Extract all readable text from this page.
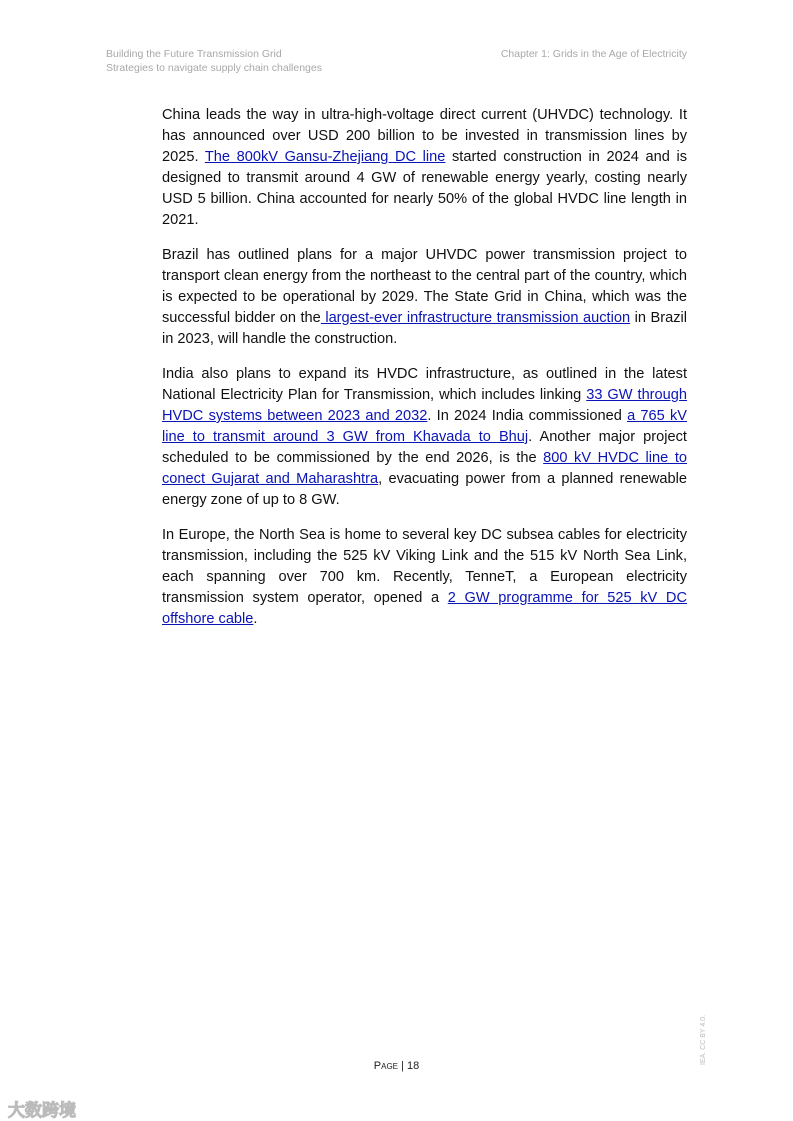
Building the Future Transmission Grid
Strategies to navigate supply chain challenges
Chapter 1: Grids in the Age of Electricity

China leads the way in ultra-high-voltage direct current (UHVDC) technology. It has announced over USD 200 billion to be invested in transmission lines by 2025. The 800kV Gansu-Zhejiang DC line started construction in 2024 and is designed to transmit around 4 GW of renewable energy yearly, costing nearly USD 5 billion. China accounted for nearly 50% of the global HVDC line length in 2021.

Brazil has outlined plans for a major UHVDC power transmission project to transport clean energy from the northeast to the central part of the country, which is expected to be operational by 2029. The State Grid in China, which was the successful bidder on the largest-ever infrastructure transmission auction in Brazil in 2023, will handle the construction.

India also plans to expand its HVDC infrastructure, as outlined in the latest National Electricity Plan for Transmission, which includes linking 33 GW through HVDC systems between 2023 and 2032. In 2024 India commissioned a 765 kV line to transmit around 3 GW from Khavada to Bhuj. Another major project scheduled to be commissioned by the end 2026, is the 800 kV HVDC line to conect Gujarat and Maharashtra, evacuating power from a planned renewable energy zone of up to 8 GW.

In Europe, the North Sea is home to several key DC subsea cables for electricity transmission, including the 525 kV Viking Link and the 515 kV North Sea Link, each spanning over 700 km. Recently, TenneT, a European electricity transmission system operator, opened a 2 GW programme for 525 kV DC offshore cable.

Page | 18
IEA. CC BY 4.0.
大数跨境
